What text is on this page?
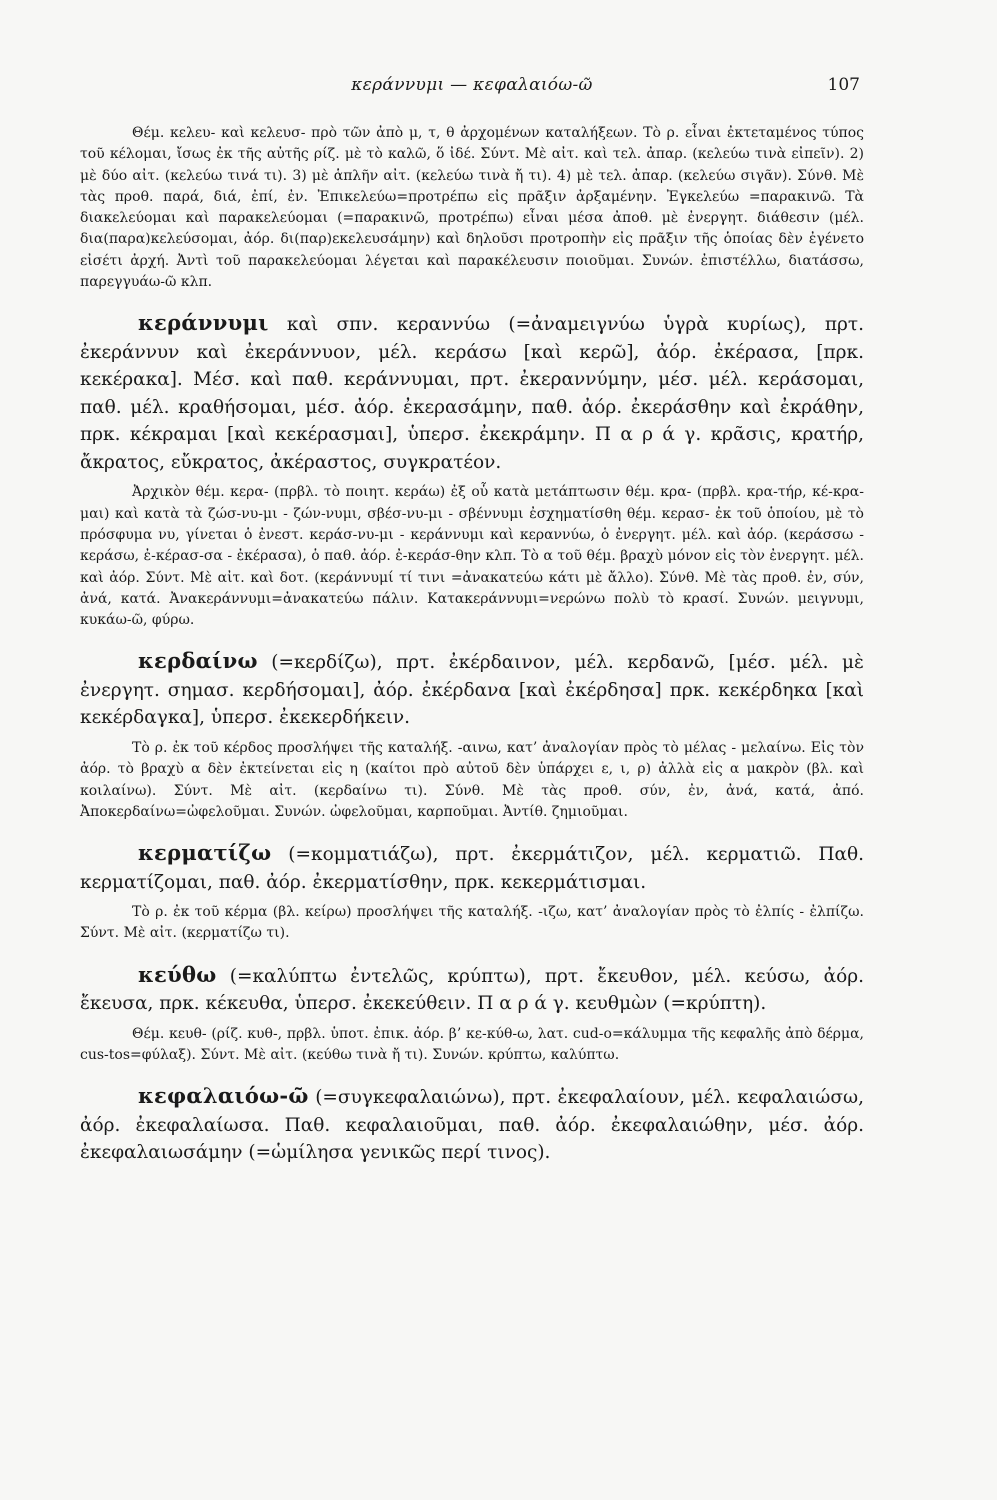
κεράννυμι — κεφαλαιόω-ῶ	107

Θέμ. κελευ- καὶ κελευσ- πρὸ τῶν ἀπὸ μ, τ, θ ἀρχομένων καταλήξεων. Τὸ ρ. εἶναι ἐκτεταμένος τύπος τοῦ κέλομαι, ἴσως ἐκ τῆς αὐτῆς ρίζ. μὲ τὸ καλῶ, ὅ ἰδέ. Σύντ. Μὲ αἰτ. καὶ τελ. ἀπαρ. (κελεύω τινὰ εἰπεῖν). 2) μὲ δύο αἰτ. (κελεύω τινά τι). 3) μὲ ἁπλῆν αἰτ. (κελεύω τινὰ ἤ τι). 4) μὲ τελ. ἀπαρ. (κελεύω σιγᾶν). Σύνθ. Μὲ τὰς προθ. παρά, διά, ἐπί, ἐν. Ἐπικελεύω=προτρέπω εἰς πρᾶξιν ἀρξαμένην. Ἐγκελεύω =παρακινῶ. Τὰ διακελεύομαι καὶ παρακελεύομαι (=παρακινῶ, προτρέπω) εἶναι μέσα ἀποθ. μὲ ἐνεργητ. διάθεσιν (μέλ. δια(παρα)κελεύσομαι, ἀόρ. δι(παρ)εκελευσάμην) καὶ δηλοῦσι προτροπὴν εἰς πρᾶξιν τῆς ὁποίας δὲν ἐγένετο εἰσέτι ἀρχή. Ἀντὶ τοῦ παρακελεύομαι λέγεται καὶ παρακέλευσιν ποιοῦμαι. Συνών. ἐπιστέλλω, διατάσσω, παρεγγυάω-ῶ κλπ.

κεράννυμι καὶ σπν. κεραννύω (=ἀναμειγνύω ὑγρὰ κυρίως), πρτ. ἐκεράννυν καὶ ἐκεράννυον, μέλ. κεράσω [καὶ κερῶ], ἀόρ. ἐκέρασα, [πρκ. κεκέρακα]. Μέσ. καὶ παθ. κεράννυμαι, πρτ. ἐκεραννύμην, μέσ. μέλ. κεράσομαι, παθ. μέλ. κραθήσομαι, μέσ. ἀόρ. ἐκερασάμην, παθ. ἀόρ. ἐκεράσθην καὶ ἐκράθην, πρκ. κέκραμαι [καὶ κεκέρασμαι], ὑπερσ. ἐκεκράμην. Π α ρ ά γ. κρᾶσις, κρατήρ, ἄκρατος, εὔκρατος, ἀκέραστος, συγκρατέον.

Ἀρχικὸν θέμ. κερα- (πρβλ. τὸ ποιητ. κεράω) ἐξ οὗ κατὰ μετάπτωσιν θέμ. κρα- (πρβλ. κρα-τήρ, κέ-κρα-μαι) καὶ κατὰ τὰ ζώσ-νυ-μι - ζών-νυμι, σβέσ-νυ-μι - σβέννυμι ἐσχηματίσθη θέμ. κερασ- ἐκ τοῦ ὁποίου, μὲ τὸ πρόσφυμα νυ, γίνεται ὁ ἐνεστ. κεράσ-νυ-μι - κεράννυμι καὶ κεραννύω, ὁ ἐνεργητ. μέλ. καὶ ἀόρ. (κεράσσω - κεράσω, ἐ-κέρασ-σα - ἐκέρασα), ὁ παθ. ἀόρ. ἐ-κεράσ-θην κλπ. Τὸ α τοῦ θέμ. βραχὺ μόνον εἰς τὸν ἐνεργητ. μέλ. καὶ ἀόρ. Σύντ. Μὲ αἰτ. καὶ δοτ. (κεράννυμί τί τινι =ἀνακατεύω κάτι μὲ ἄλλο). Σύνθ. Μὲ τὰς προθ. ἐν, σύν, ἀνά, κατά. Ἀνακεράννυμι=ἀνακατεύω πάλιν. Κατακεράννυμι=νερώνω πολὺ τὸ κρασί. Συνών. μειγνυμι, κυκάω-ῶ, φύρω.

κερδαίνω (=κερδίζω), πρτ. ἐκέρδαινον, μέλ. κερδανῶ, [μέσ. μέλ. μὲ ἐνεργητ. σημασ. κερδήσομαι], ἀόρ. ἐκέρδανα [καὶ ἐκέρδησα] πρκ. κεκέρδηκα [καὶ κεκέρδαγκα], ὑπερσ. ἐκεκερδήκειν.

Τὸ ρ. ἐκ τοῦ κέρδος προσλήψει τῆς καταλήξ. -αινω, κατ’ ἀναλογίαν πρὸς τὸ μέλας - μελαίνω. Εἰς τὸν ἀόρ. τὸ βραχὺ α δὲν ἐκτείνεται εἰς η (καίτοι πρὸ αὐτοῦ δὲν ὑπάρχει ε, ι, ρ) ἀλλὰ εἰς α μακρὸν (βλ. καὶ κοιλαίνω). Σύντ. Μὲ αἰτ. (κερδαίνω τι). Σύνθ. Μὲ τὰς προθ. σύν, ἐν, ἀνά, κατά, ἀπό. Ἀποκερδαίνω=ὠφελοῦμαι. Συνών. ὠφελοῦμαι, καρποῦμαι. Ἀντίθ. ζημιοῦμαι.

κερματίζω (=κομματιάζω), πρτ. ἐκερμάτιζον, μέλ. κερματιῶ. Παθ. κερματίζομαι, παθ. ἀόρ. ἐκερματίσθην, πρκ. κεκερμάτισμαι.

Τὸ ρ. ἐκ τοῦ κέρμα (βλ. κείρω) προσλήψει τῆς καταλήξ. -ιζω, κατ’ ἀναλογίαν πρὸς τὸ ἐλπίς - ἐλπίζω. Σύντ. Μὲ αἰτ. (κερματίζω τι).

κεύθω (=καλύπτω ἐντελῶς, κρύπτω), πρτ. ἔκευθον, μέλ. κεύσω, ἀόρ. ἔκευσα, πρκ. κέκευθα, ὑπερσ. ἐκεκεύθειν. Π α ρ ά γ. κευθμὼν (=κρύπτη).

Θέμ. κευθ- (ρίζ. κυθ-, πρβλ. ὑποτ. ἐπικ. ἀόρ. β’ κε-κύθ-ω, λατ. cud-o=κάλυμμα τῆς κεφαλῆς ἀπὸ δέρμα, cus-tos=φύλαξ). Σύντ. Μὲ αἰτ. (κεύθω τινὰ ἤ τι). Συνών. κρύπτω, καλύπτω.

κεφαλαιόω-ῶ (=συγκεφαλαιώνω), πρτ. ἐκεφαλαίουν, μέλ. κεφαλαιώσω, ἀόρ. ἐκεφαλαίωσα. Παθ. κεφαλαιοῦμαι, παθ. ἀόρ. ἐκεφαλαιώθην, μέσ. ἀόρ. ἐκεφαλαιωσάμην (=ὡμίλησα γενικῶς περί τινος).
